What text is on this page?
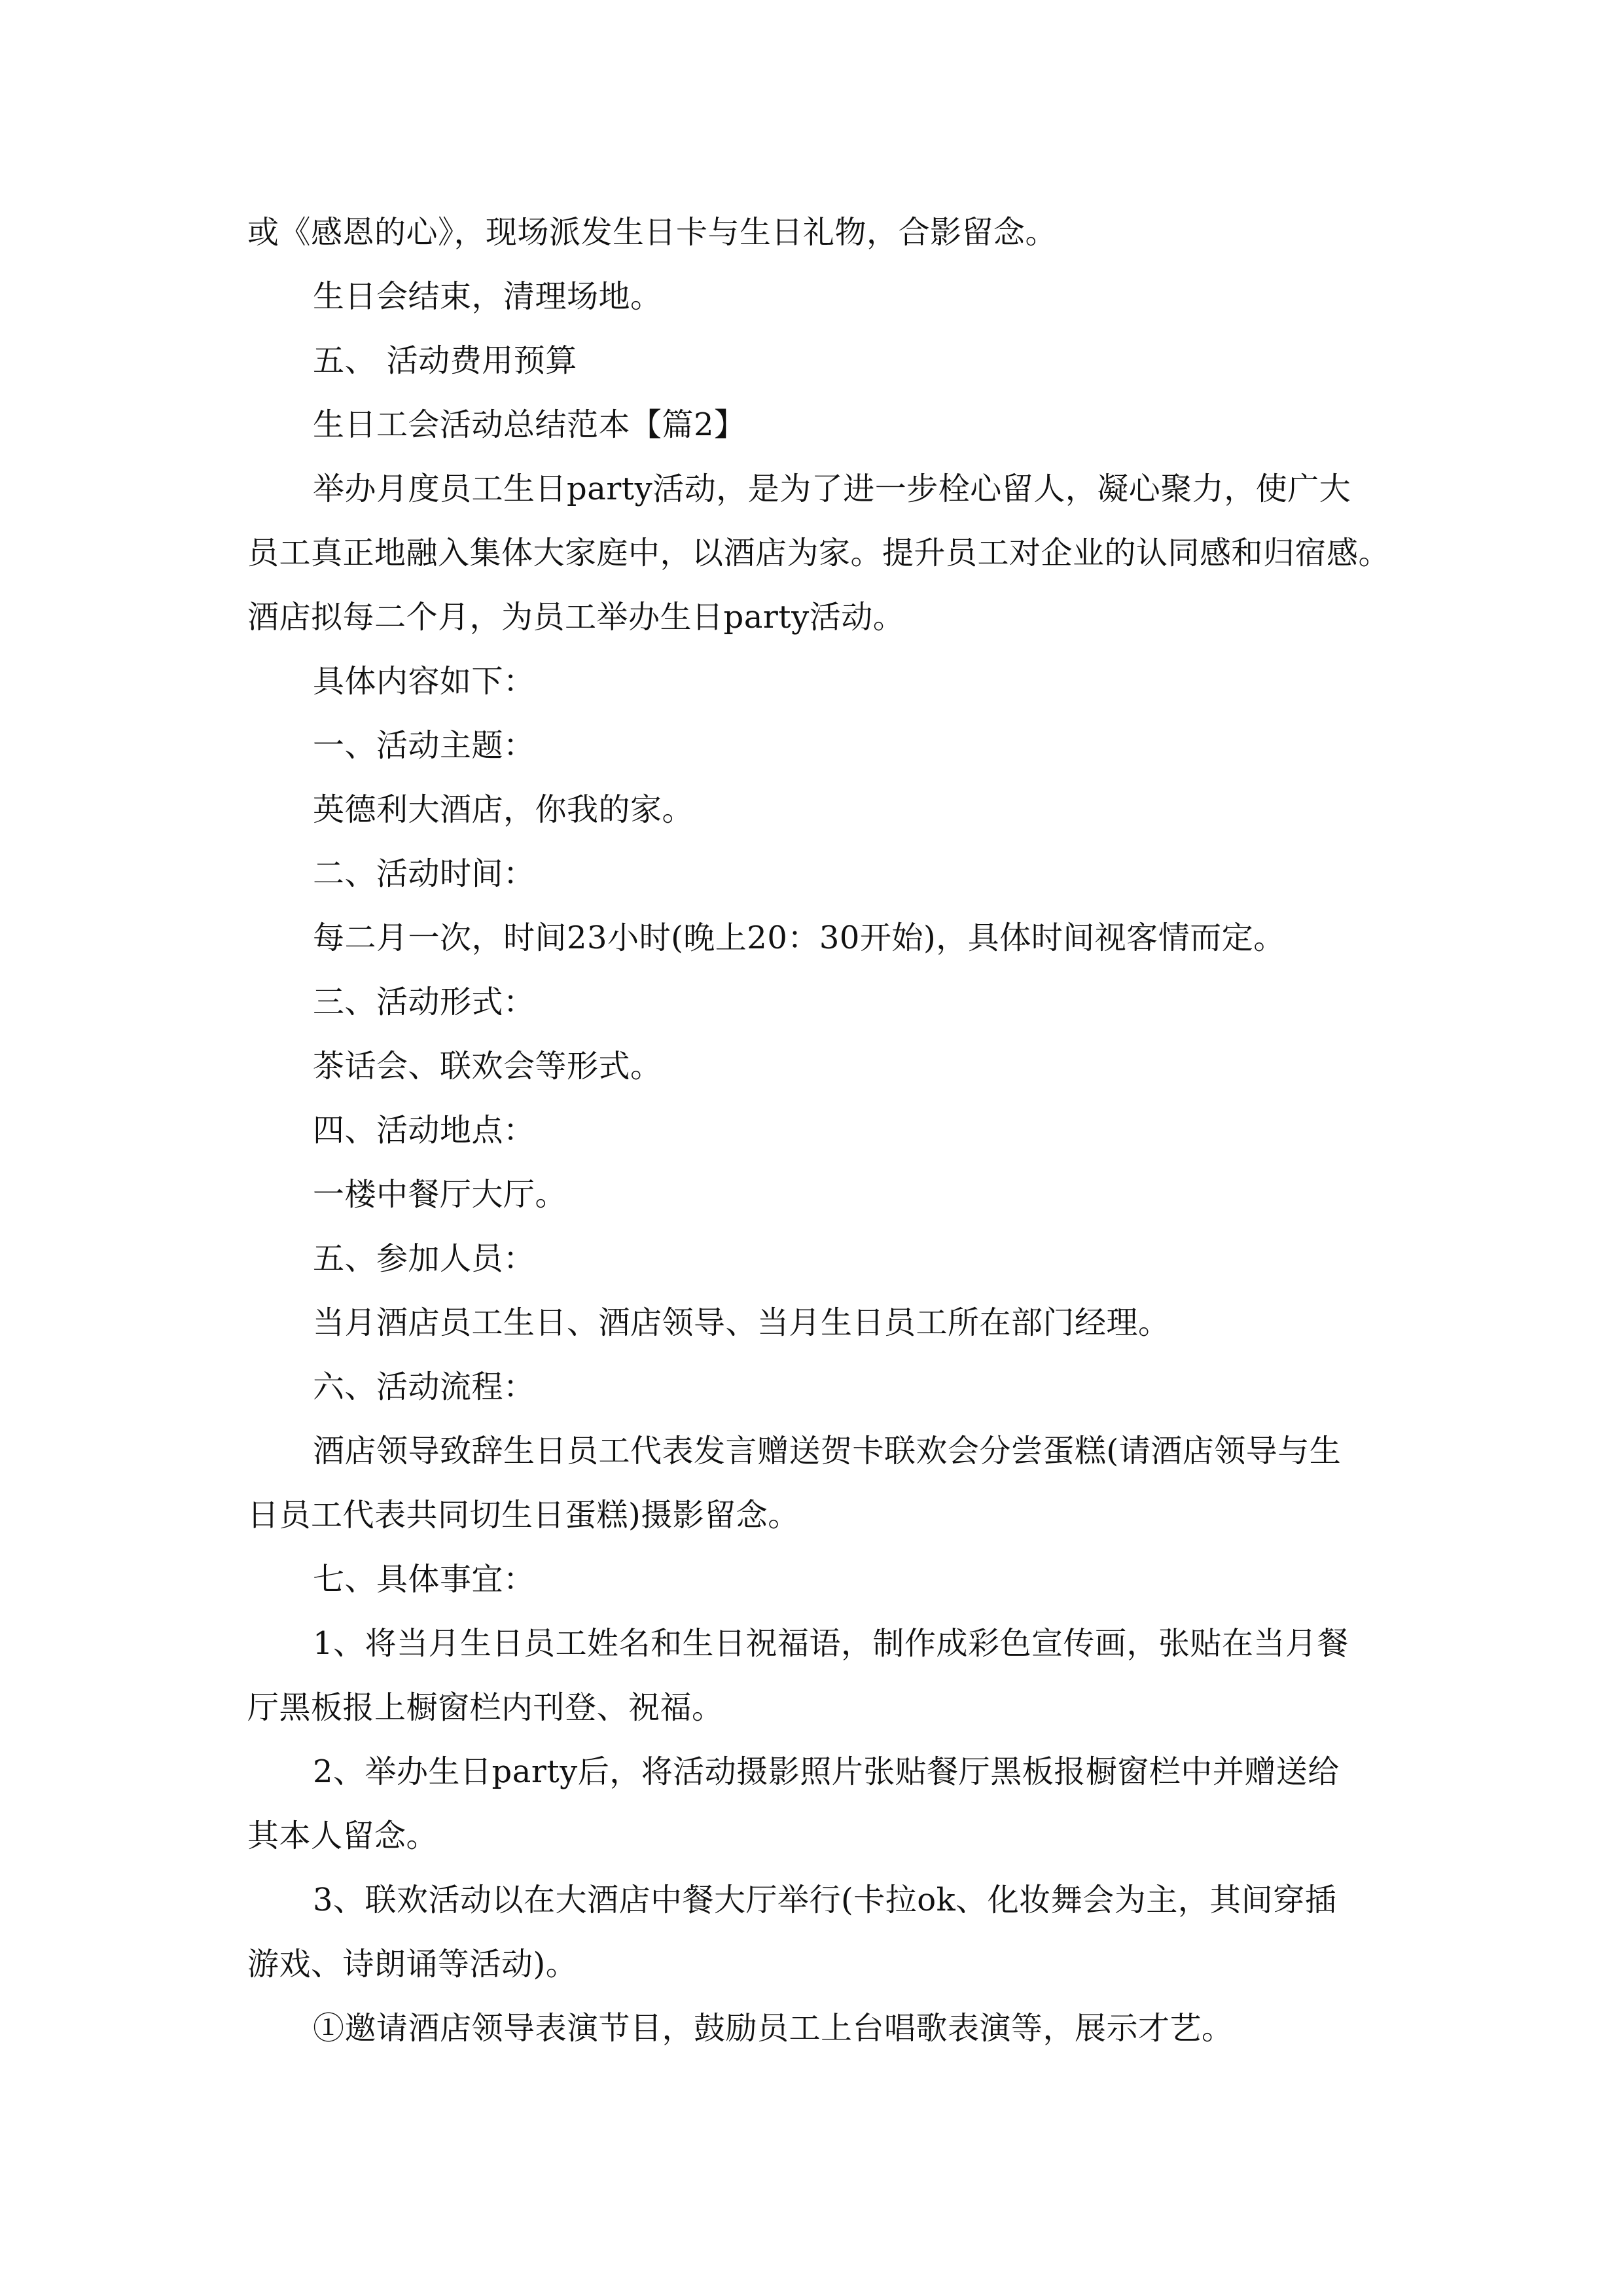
或《感恩的心》，现场派发生日卡与生日礼物，合影留念。

生日会结束，清理场地。

五、 活动费用预算

生日工会活动总结范本【篇2】

举办月度员工生日party活动，是为了进一步栓心留人，凝心聚力，使广大

员工真正地融入集体大家庭中，以酒店为家。提升员工对企业的认同感和归宿感。

酒店拟每二个月，为员工举办生日party活动。

具体内容如下：

一、活动主题：

英德利大酒店，你我的家。

二、活动时间：

每二月一次，时间23小时(晚上20：30开始)，具体时间视客情而定。

三、活动形式：

茶话会、联欢会等形式。

四、活动地点：

一楼中餐厅大厅。

五、参加人员：

当月酒店员工生日、酒店领导、当月生日员工所在部门经理。

六、活动流程：

酒店领导致辞生日员工代表发言赠送贺卡联欢会分尝蛋糕(请酒店领导与生

日员工代表共同切生日蛋糕)摄影留念。

七、具体事宜：

1、将当月生日员工姓名和生日祝福语，制作成彩色宣传画，张贴在当月餐

厅黑板报上橱窗栏内刊登、祝福。

2、举办生日party后，将活动摄影照片张贴餐厅黑板报橱窗栏中并赠送给

其本人留念。

3、联欢活动以在大酒店中餐大厅举行(卡拉ok、化妆舞会为主，其间穿插

游戏、诗朗诵等活动)。

①邀请酒店领导表演节目，鼓励员工上台唱歌表演等，展示才艺。
